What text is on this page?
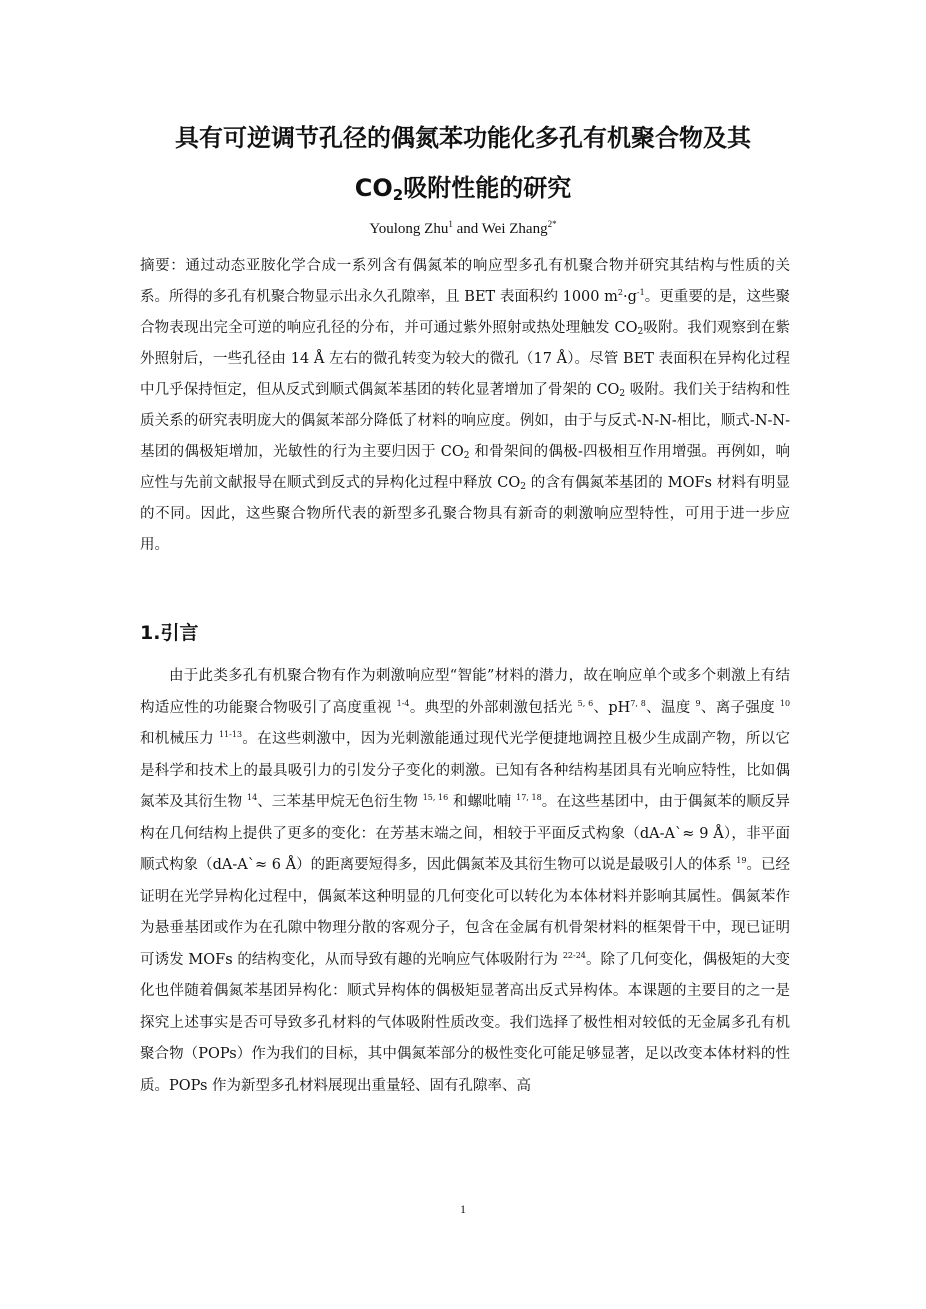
具有可逆调节孔径的偶氮苯功能化多孔有机聚合物及其
$CO_2$吸附性能的研究
Youlong Zhu$^1$ and Wei Zhang$^{2*}$

摘要：通过动态亚胺化学合成一系列含有偶氮苯的响应型多孔有机聚合物并研究其结构与性质的关系。所得的多孔有机聚合物显示出永久孔隙率，且 BET 表面积约 1000 $m^2\cdot g^{-1}$。更重要的是，这些聚合物表现出完全可逆的响应孔径的分布，并可通过紫外照射或热处理触发 $CO_2$吸附。我们观察到在紫外照射后，一些孔径由 14 Å 左右的微孔转变为较大的微孔（17 Å）。尽管 BET 表面积在异构化过程中几乎保持恒定，但从反式到顺式偶氮苯基团的转化显著增加了骨架的 $CO_2$ 吸附。我们关于结构和性质关系的研究表明庞大的偶氮苯部分降低了材料的响应度。例如，由于与反式-N-N-相比，顺式-N-N-基团的偶极矩增加，光敏性的行为主要归因于 $CO_2$ 和骨架间的偶极-四极相互作用增强。再例如，响应性与先前文献报导在顺式到反式的异构化过程中释放 $CO_2$ 的含有偶氮苯基团的 MOFs 材料有明显的不同。因此，这些聚合物所代表的新型多孔聚合物具有新奇的刺激响应型特性，可用于进一步应用。

1.引言

由于此类多孔有机聚合物有作为刺激响应型“智能”材料的潜力，故在响应单个或多个刺激上有结构适应性的功能聚合物吸引了高度重视 $^{1-4}$。典型的外部刺激包括光 $^{5, 6}$、pH$^{7, 8}$、温度 $^9$、离子强度 $^{10}$ 和机械压力 $^{11-13}$。在这些刺激中，因为光刺激能通过现代光学便捷地调控且极少生成副产物，所以它是科学和技术上的最具吸引力的引发分子变化的刺激。已知有各种结构基团具有光响应特性，比如偶氮苯及其衍生物 $^{14}$、三苯基甲烷无色衍生物 $^{15, 16}$ 和螺吡喃 $^{17, 18}$。在这些基团中，由于偶氮苯的顺反异构在几何结构上提供了更多的变化：在芳基末端之间，相较于平面反式构象（dA-A`≈ 9 Å），非平面顺式构象（dA-A`≈ 6 Å）的距离要短得多，因此偶氮苯及其衍生物可以说是最吸引人的体系 $^{19}$。已经证明在光学异构化过程中，偶氮苯这种明显的几何变化可以转化为本体材料并影响其属性。偶氮苯作为悬垂基团或作为在孔隙中物理分散的客观分子，包含在金属有机骨架材料的框架骨干中，现已证明可诱发 MOFs 的结构变化，从而导致有趣的光响应气体吸附行为 $^{22-24}$。除了几何变化，偶极矩的大变化也伴随着偶氮苯基团异构化：顺式异构体的偶极矩显著高出反式异构体。本课题的主要目的之一是探究上述事实是否可导致多孔材料的气体吸附性质改变。我们选择了极性相对较低的无金属多孔有机聚合物（POPs）作为我们的目标，其中偶氮苯部分的极性变化可能足够显著，足以改变本体材料的性质。POPs 作为新型多孔材料展现出重量轻、固有孔隙率、高

1
